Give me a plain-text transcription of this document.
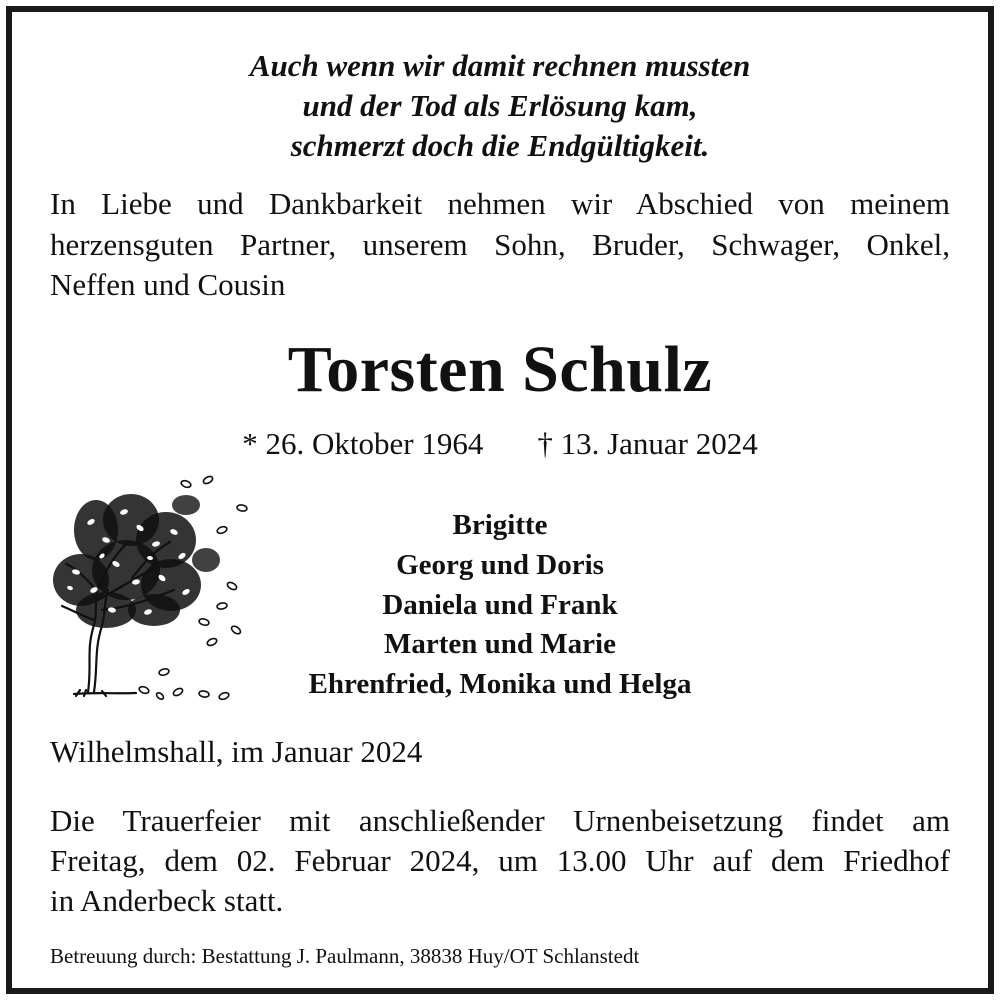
Auch wenn wir damit rechnen mussten
und der Tod als Erlösung kam,
schmerzt doch die Endgültigkeit.
In Liebe und Dankbarkeit nehmen wir Abschied von meinem
herzensguten Partner, unserem Sohn, Bruder, Schwager, Onkel,
Neffen und Cousin
Torsten Schulz
* 26. Oktober 1964 † 13. Januar 2024
Brigitte
Georg und Doris
Daniela und Frank
Marten und Marie
Ehrenfried, Monika und Helga
Wilhelmshall, im Januar 2024
Die Trauerfeier mit anschließender Urnenbeisetzung findet am
Freitag, dem 02. Februar 2024, um 13.00 Uhr auf dem Friedhof
in Anderbeck statt.
Betreuung durch: Bestattung J. Paulmann, 38838 Huy/OT Schlanstedt
